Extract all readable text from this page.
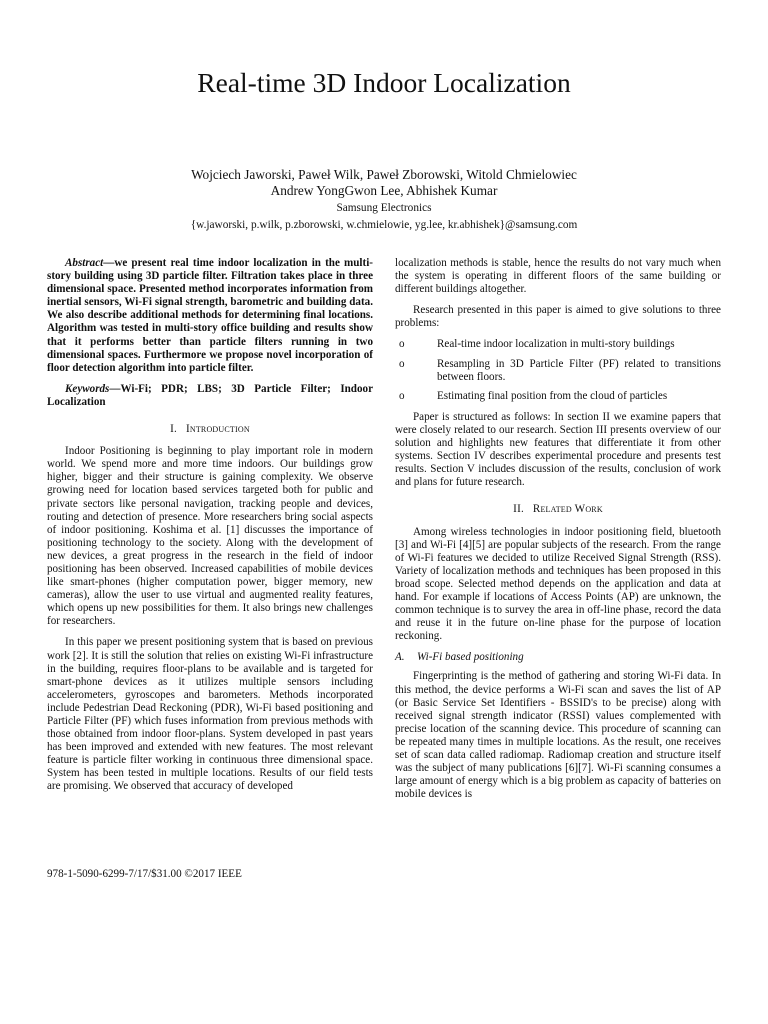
Real-time 3D Indoor Localization
Wojciech Jaworski, Paweł Wilk, Paweł Zborowski, Witold Chmielowiec
Andrew YongGwon Lee, Abhishek Kumar
Samsung Electronics
{w.jaworski, p.wilk, p.zborowski, w.chmielowie, yg.lee, kr.abhishek}@samsung.com

Abstract—we present real time indoor localization in the multi-story building using 3D particle filter. Filtration takes place in three dimensional space. Presented method incorporates information from inertial sensors, Wi-Fi signal strength, barometric and building data. We also describe additional methods for determining final locations. Algorithm was tested in multi-story office building and results show that it performs better than particle filters running in two dimensional spaces. Furthermore we propose novel incorporation of floor detection algorithm into particle filter.

Keywords—Wi-Fi; PDR; LBS; 3D Particle Filter; Indoor Localization

I. Introduction

Indoor Positioning is beginning to play important role in modern world. We spend more and more time indoors. Our buildings grow higher, bigger and their structure is gaining complexity. We observe growing need for location based services targeted both for public and private sectors like personal navigation, tracking people and devices, routing and detection of presence. More researchers bring social aspects of indoor positioning. Koshima et al. [1] discusses the importance of positioning technology to the society. Along with the development of new devices, a great progress in the research in the field of indoor positioning has been observed. Increased capabilities of mobile devices like smart-phones (higher computation power, bigger memory, new cameras), allow the user to use virtual and augmented reality features, which opens up new possibilities for them. It also brings new challenges for researchers.

In this paper we present positioning system that is based on previous work [2]. It is still the solution that relies on existing Wi-Fi infrastructure in the building, requires floor-plans to be available and is targeted for smart-phone devices as it utilizes multiple sensors including accelerometers, gyroscopes and barometers. Methods incorporated include Pedestrian Dead Reckoning (PDR), Wi-Fi based positioning and Particle Filter (PF) which fuses information from previous methods with those obtained from indoor floor-plans. System developed in past years has been improved and extended with new features. The most relevant feature is particle filter working in continuous three dimensional space. System has been tested in multiple locations. Results of our field tests are promising. We observed that accuracy of developed

localization methods is stable, hence the results do not vary much when the system is operating in different floors of the same building or different buildings altogether.

Research presented in this paper is aimed to give solutions to three problems:

o	Real-time indoor localization in multi-story buildings
o	Resampling in 3D Particle Filter (PF) related to transitions between floors.
o	Estimating final position from the cloud of particles

Paper is structured as follows: In section II we examine papers that were closely related to our research. Section III presents overview of our solution and highlights new features that differentiate it from other systems. Section IV describes experimental procedure and presents test results. Section V includes discussion of the results, conclusion of work and plans for future research.

II. Related Work

Among wireless technologies in indoor positioning field, bluetooth [3] and Wi-Fi [4][5] are popular subjects of the research. From the range of Wi-Fi features we decided to utilize Received Signal Strength (RSS). Variety of localization methods and techniques has been proposed in this broad scope. Selected method depends on the application and data at hand. For example if locations of Access Points (AP) are unknown, the common technique is to survey the area in off-line phase, record the data and reuse it in the future on-line phase for the purpose of location reckoning.

A. Wi-Fi based positioning

Fingerprinting is the method of gathering and storing Wi-Fi data. In this method, the device performs a Wi-Fi scan and saves the list of AP (or Basic Service Set Identifiers - BSSID's to be precise) along with received signal strength indicator (RSSI) values complemented with precise location of the scanning device. This procedure of scanning can be repeated many times in multiple locations. As the result, one receives set of scan data called radiomap. Radiomap creation and structure itself was the subject of many publications [6][7]. Wi-Fi scanning consumes a large amount of energy which is a big problem as capacity of batteries on mobile devices is

978-1-5090-6299-7/17/$31.00 ©2017 IEEE
